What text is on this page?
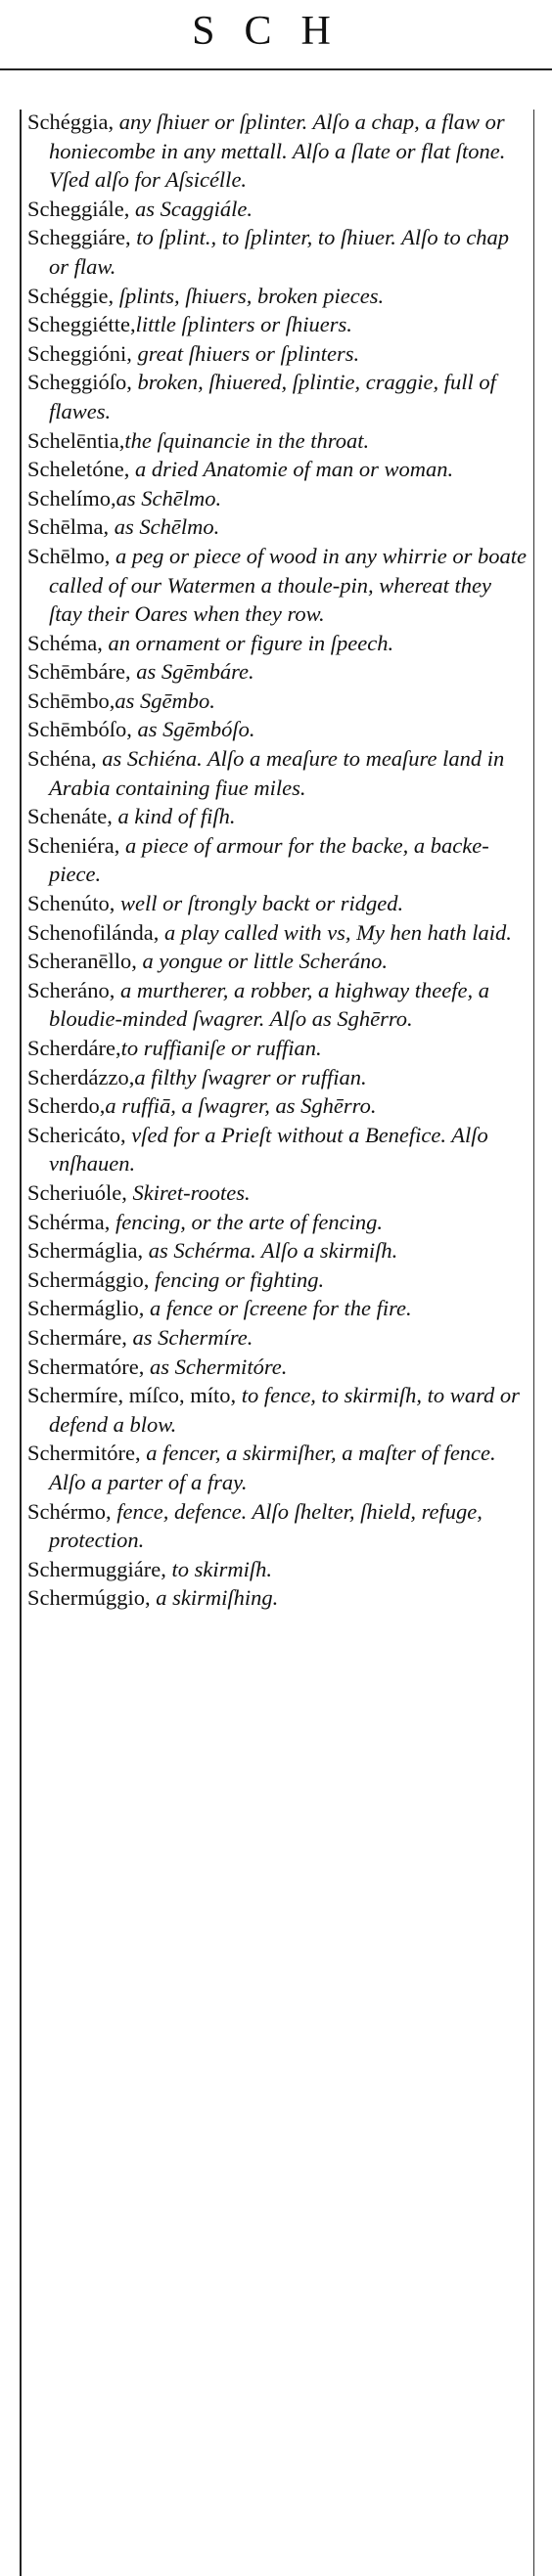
SCH

Schéggia, any ſhiuer or ſplinter. Alſo a chap, a flaw or honiecombe in any mettall. Alſo a ſlate or flat ſtone. Vſed alſo for Aſsicélle.

Scheggiále, as Scaggiále.

Scheggiáre, to ſplint., to ſplinter, to ſhiuer. Alſo to chap or flaw.

Schéggie, ſplints, ſhiuers, broken pieces.

Scheggiétte,little ſplinters or ſhiuers.

Scheggióni, great ſhiuers or ſplinters.

Scheggióſo, broken, ſhiuered, ſplintie, craggie, full of flawes.

Schelēntia,the ſquinancie in the throat.

Scheletóne, a dried Anatomie of man or woman.

Schelímo,as Schēlmo.

Schēlma, as Schēlmo.

Schēlmo, a peg or piece of wood in any whirrie or boate called of our Watermen a thoule-pin, whereat they ſtay their Oares when they row.

Schéma, an ornament or figure in ſpeech.

Schēmbáre, as Sgēmbáre.

Schēmbo,as Sgēmbo.

Schēmbóſo, as Sgēmbóſo.

Schéna, as Schiéna. Alſo a meaſure to meaſure land in Arabia containing fiue miles.

Schenáte, a kind of fiſh.

Scheniéra, a piece of armour for the backe, a backe-piece.

Schenúto, well or ſtrongly backt or ridged.

Schenofilánda, a play called with vs, My hen hath laid.

Scheranēllo, a yongue or little Scheráno.

Scheráno, a murtherer, a robber, a highway theefe, a bloudie-minded ſwagrer. Alſo as Sghērro.

Scherdáre,to ruffianiſe or ruffian.

Scherdázzo,a filthy ſwagrer or ruffian.

Scherdo,a ruffiā, a ſwagrer, as Sghērro.

Schericáto, vſed for a Prieſt without a Benefice. Alſo vnſhauen.

Scheriuóle, Skiret-rootes.

Schérma, fencing, or the arte of fencing.

Schermáglia, as Schérma. Alſo a skirmiſh.

Schermággio, fencing or fighting.

Schermáglio, a fence or ſcreene for the fire.

Schermáre, as Schermíre.

Schermatóre, as Schermitóre.

Schermíre, míſco, míto, to fence, to skirmiſh, to ward or defend a blow.

Schermitóre, a fencer, a skirmiſher, a maſter of fence. Alſo a parter of a fray.

Schérmo, fence, defence. Alſo ſhelter, ſhield, refuge, protection.

Schermuggiáre, to skirmiſh.

Schermúggio, a skirmiſhing.
